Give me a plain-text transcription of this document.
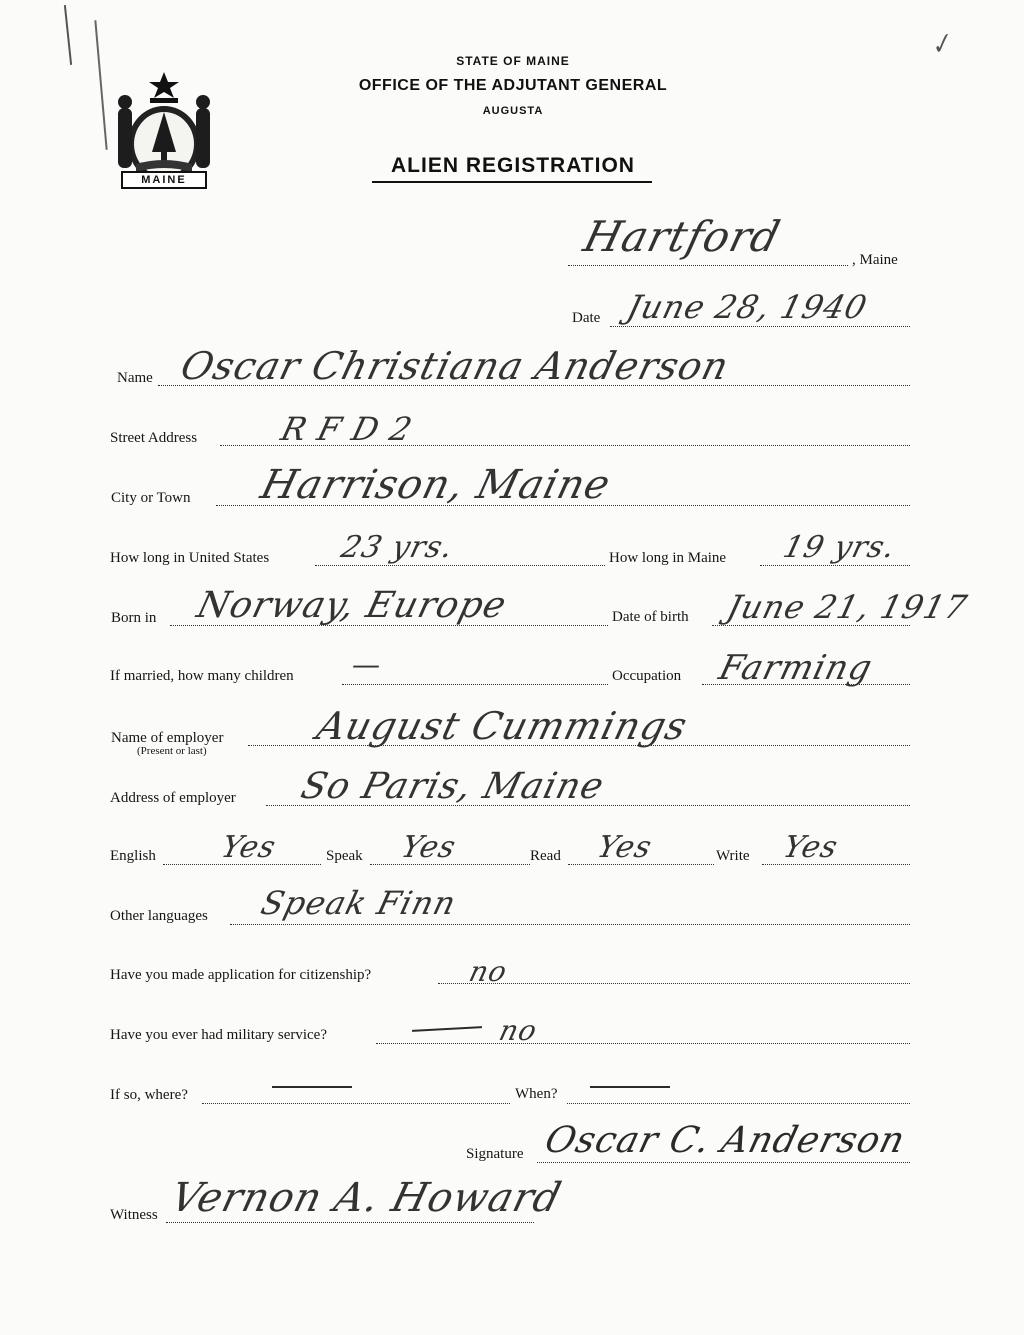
✓
MAINE
STATE OF MAINE
OFFICE OF THE ADJUTANT GENERAL
AUGUSTA
ALIEN REGISTRATION
Hartford	, Maine
Date June 28, 1940
Name Oscar Christiana Anderson
Street Address	R F D 2
City or Town Harrison, Maine
How long in United States 23 yrs.	How long in Maine 19 yrs.
Born in Norway, Europe	Date of birth June 21, 1917
If married, how many children —	Occupation Farming
Name of employer
(Present or last)
August Cummings
Address of employer So Paris, Maine
English Yes	Speak Yes	Read Yes	Write Yes
Other languages Speak Finn
Have you made application for citizenship?	no
Have you ever had military service?	no
If so, where?	When?
Signature Oscar C. Anderson
Witness Vernon A. Howard
